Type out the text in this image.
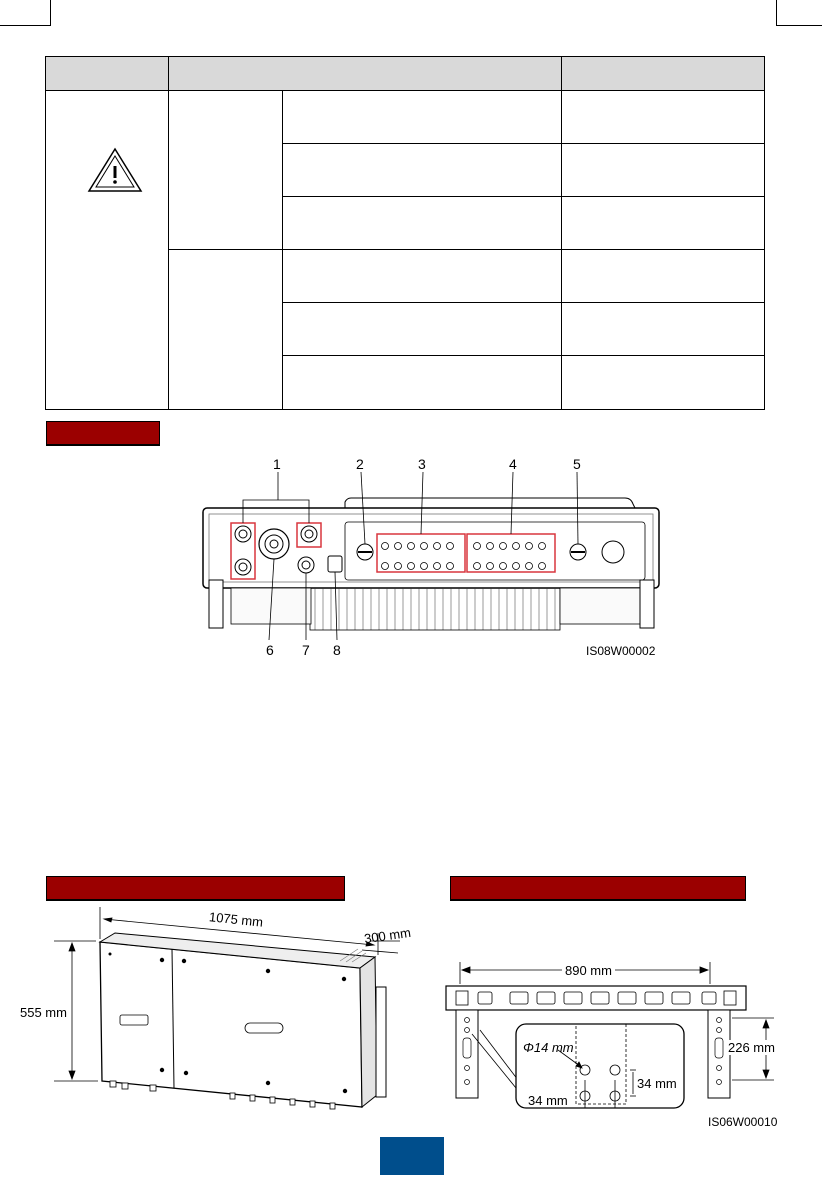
1	2	3	4	5
6 7 8	IS08W00002
1075 mm
300 mm
555 mm
890 mm
226 mm
Φ14 mm
34 mm
34 mm
IS06W00010
